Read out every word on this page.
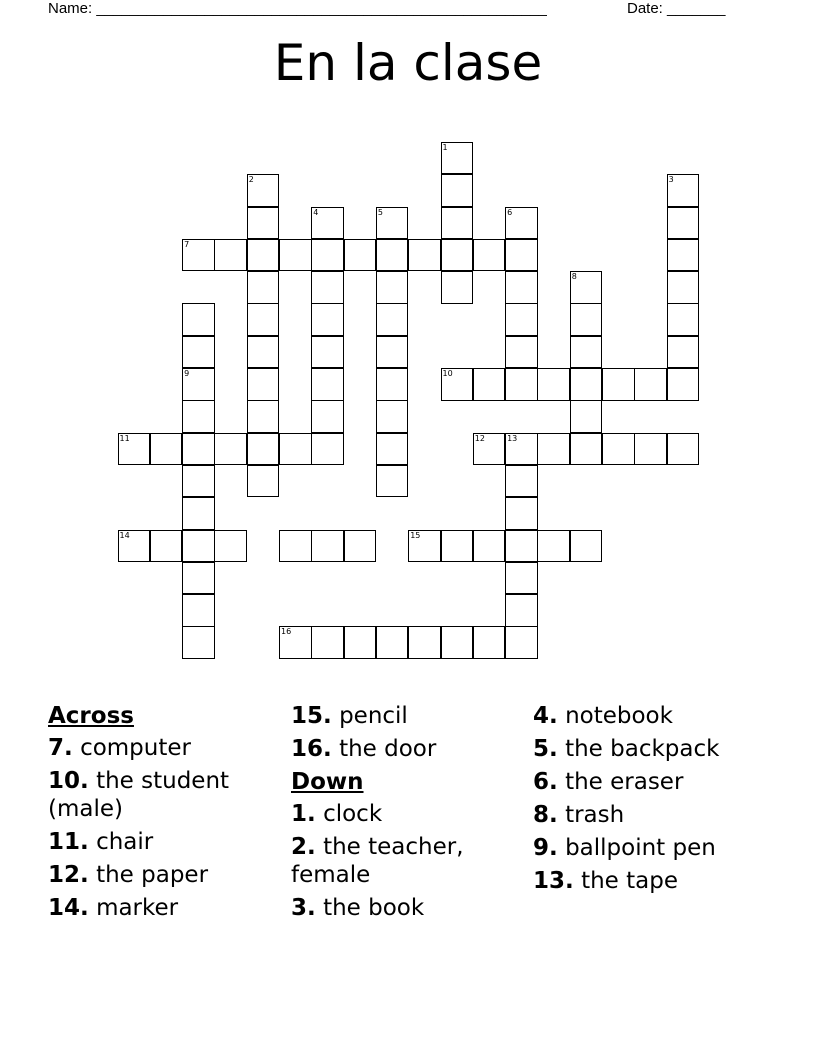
Name: ______________________________________________________	Date: _______
En la clase
1
2	3
4	5	6
7
8
10
11
14
9
15
12	13
16
Across
7. computer
10. the student (male)
11. chair
12. the paper
14. marker
15. pencil
16. the door
Down
1. clock
2. the teacher, female
3. the book
4. notebook
5. the backpack
6. the eraser
8. trash
9. ballpoint pen
13. the tape
